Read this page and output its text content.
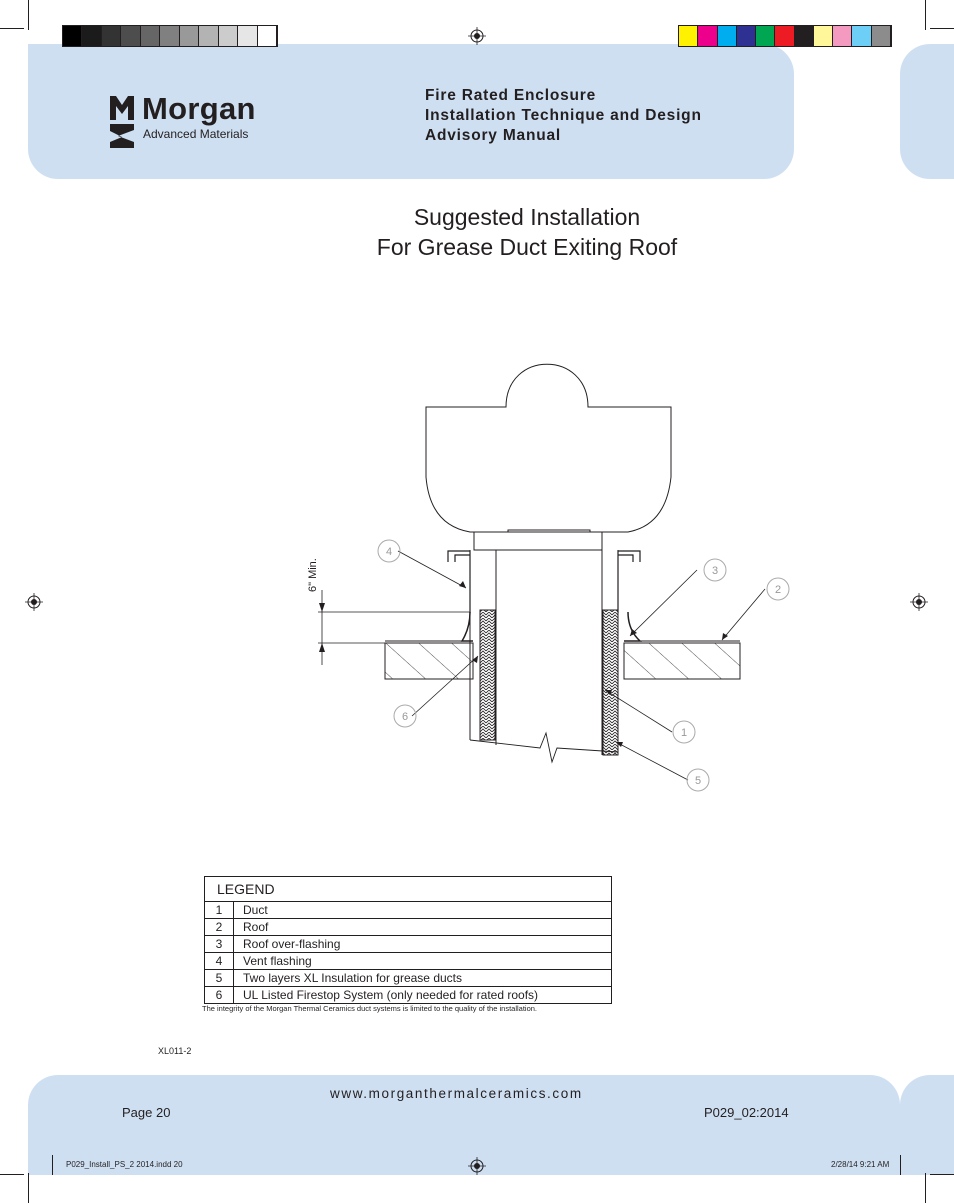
4
3
2
6
1
5
6" Min.
Morgan
Advanced Materials
Fire Rated Enclosure
Installation Technique and Design
Advisory Manual
Suggested Installation
For Grease Duct Exiting Roof
LEGEND
1	Duct
2	Roof
3	Roof over-flashing
4	Vent flashing
5	Two layers XL Insulation for grease ducts
6	UL Listed Firestop System (only needed for rated roofs)
The integrity of the Morgan Thermal Ceramics duct systems is limited to the quality of the installation.
XL011-2
www.morganthermalceramics.com
Page 20	P029_02:2014
P029_Install_PS_2 2014.indd 20	2/28/14 9:21 AM
